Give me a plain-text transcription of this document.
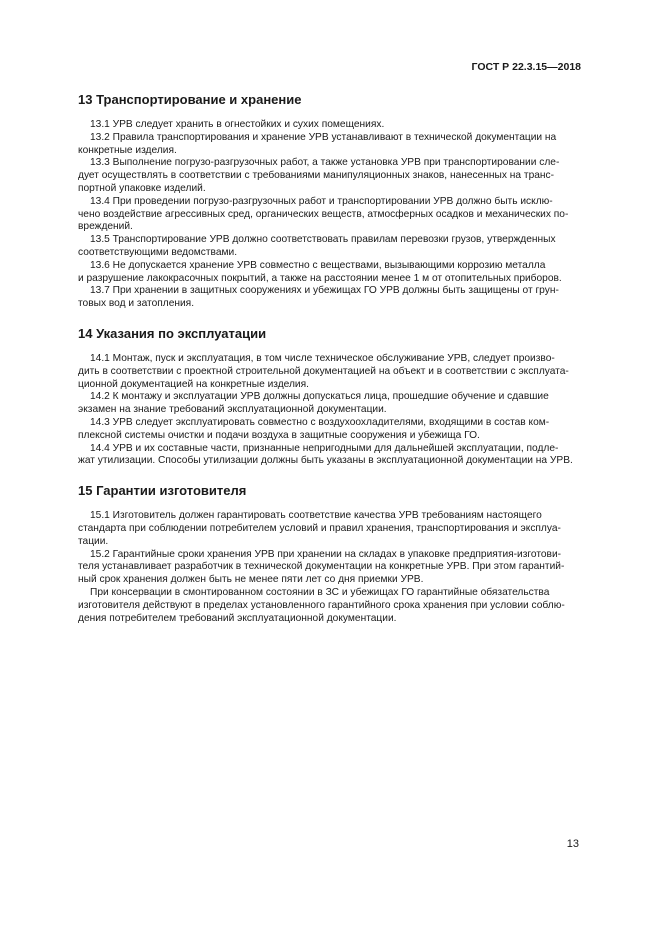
ГОСТ Р 22.3.15—2018
13 Транспортирование и хранение

13.1 УРВ следует хранить в огнестойких и сухих помещениях.

13.2 Правила транспортирования и хранение УРВ устанавливают в технической документации на
конкретные изделия.

13.3 Выполнение погрузо-разгрузочных работ, а также установка УРВ при транспортировании сле-
дует осуществлять в соответствии с требованиями манипуляционных знаков, нанесенных на транс-
портной упаковке изделий.

13.4 При проведении погрузо-разгрузочных работ и транспортировании УРВ должно быть исклю-
чено воздействие агрессивных сред, органических веществ, атмосферных осадков и механических по-
вреждений.

13.5 Транспортирование УРВ должно соответствовать правилам перевозки грузов, утвержденных
соответствующими ведомствами.

13.6 Не допускается хранение УРВ совместно с веществами, вызывающими коррозию металла
и разрушение лакокрасочных покрытий, а также на расстоянии менее 1 м от отопительных приборов.

13.7 При хранении в защитных сооружениях и убежищах ГО УРВ должны быть защищены от грун-
товых вод и затопления.

14 Указания по эксплуатации

14.1 Монтаж, пуск и эксплуатация, в том числе техническое обслуживание УРВ, следует произво-
дить в соответствии с проектной строительной документацией на объект и в соответствии с эксплуата-
ционной документацией на конкретные изделия.

14.2 К монтажу и эксплуатации УРВ должны допускаться лица, прошедшие обучение и сдавшие
экзамен на знание требований эксплуатационной документации.

14.3 УРВ следует эксплуатировать совместно с воздухоохладителями, входящими в состав ком-
плексной системы очистки и подачи воздуха в защитные сооружения и убежища ГО.

14.4 УРВ и их составные части, признанные непригодными для дальнейшей эксплуатации, подле-
жат утилизации. Способы утилизации должны быть указаны в эксплуатационной документации на УРВ.

15 Гарантии изготовителя

15.1 Изготовитель должен гарантировать соответствие качества УРВ требованиям настоящего
стандарта при соблюдении потребителем условий и правил хранения, транспортирования и эксплуа-
тации.

15.2 Гарантийные сроки хранения УРВ при хранении на складах в упаковке предприятия-изготови-
теля устанавливает разработчик в технической документации на конкретные УРВ. При этом гарантий-
ный срок хранения должен быть не менее пяти лет со дня приемки УРВ.

При консервации в смонтированном состоянии в ЗС и убежищах ГО гарантийные обязательства
изготовителя действуют в пределах установленного гарантийного срока хранения при условии соблю-
дения потребителем требований эксплуатационной документации.

13
